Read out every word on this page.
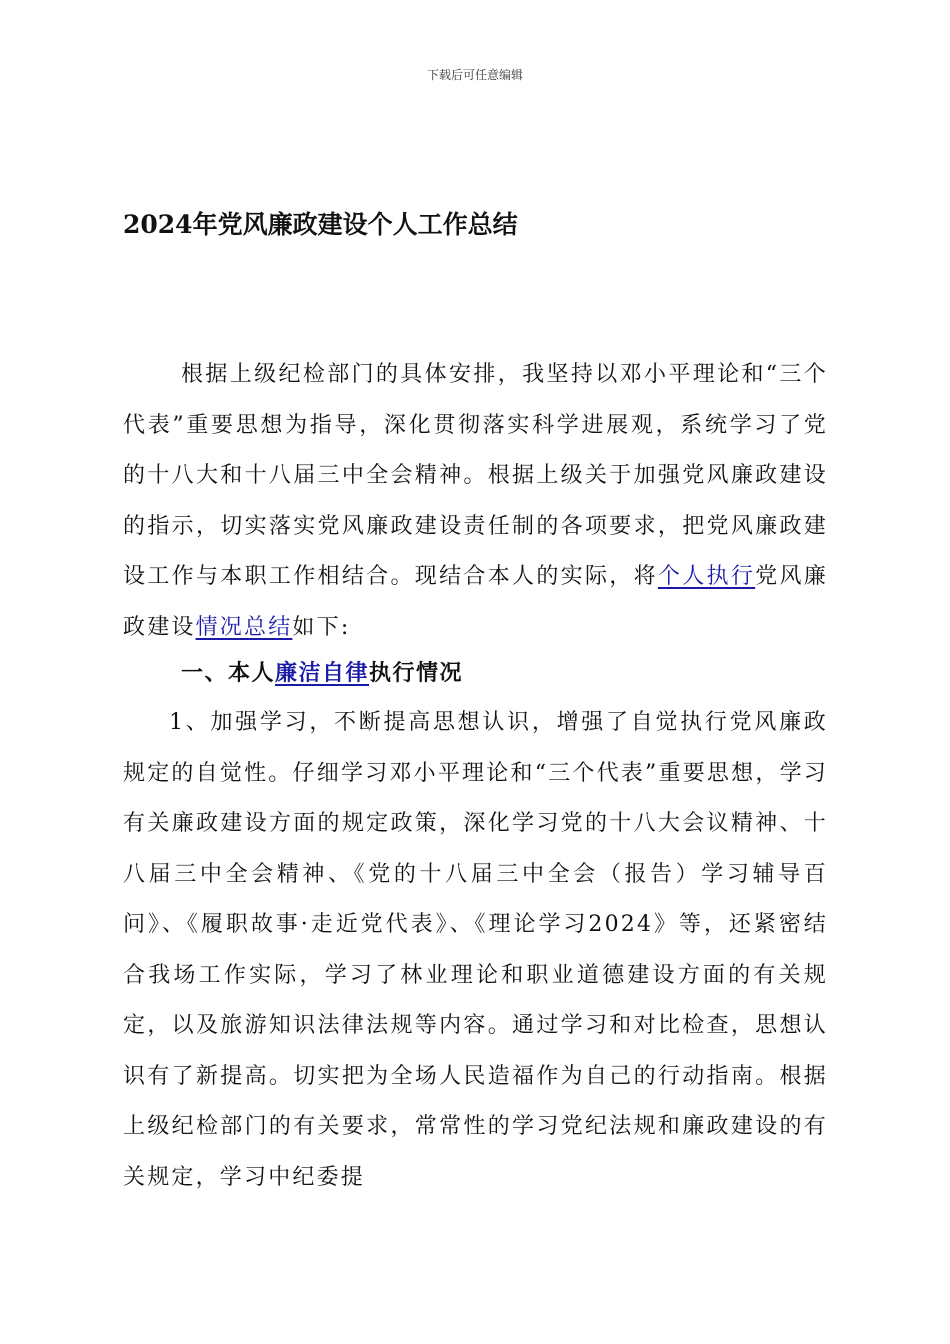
下载后可任意编辑
2024年党风廉政建设个人工作总结
根据上级纪检部门的具体安排，我坚持以邓小平理论和“三个代表”重要思想为指导，深化贯彻落实科学进展观，系统学习了党的十八大和十八届三中全会精神。根据上级关于加强党风廉政建设的指示，切实落实党风廉政建设责任制的各项要求，把党风廉政建设工作与本职工作相结合。现结合本人的实际，将个人执行党风廉政建设情况总结如下:
一、本人廉洁自律执行情况
1、加强学习，不断提高思想认识，增强了自觉执行党风廉政规定的自觉性。仔细学习邓小平理论和“三个代表”重要思想，学习有关廉政建设方面的规定政策，深化学习党的十八大会议精神、十八届三中全会精神、《党的十八届三中全会（报告）学习辅导百问》、《履职故事·走近党代表》、《理论学习2024》等，还紧密结合我场工作实际，学习了林业理论和职业道德建设方面的有关规定，以及旅游知识法律法规等内容。通过学习和对比检查，思想认识有了新提高。切实把为全场人民造福作为自己的行动指南。根据上级纪检部门的有关要求，常常性的学习党纪法规和廉政建设的有关规定，学习中纪委提
